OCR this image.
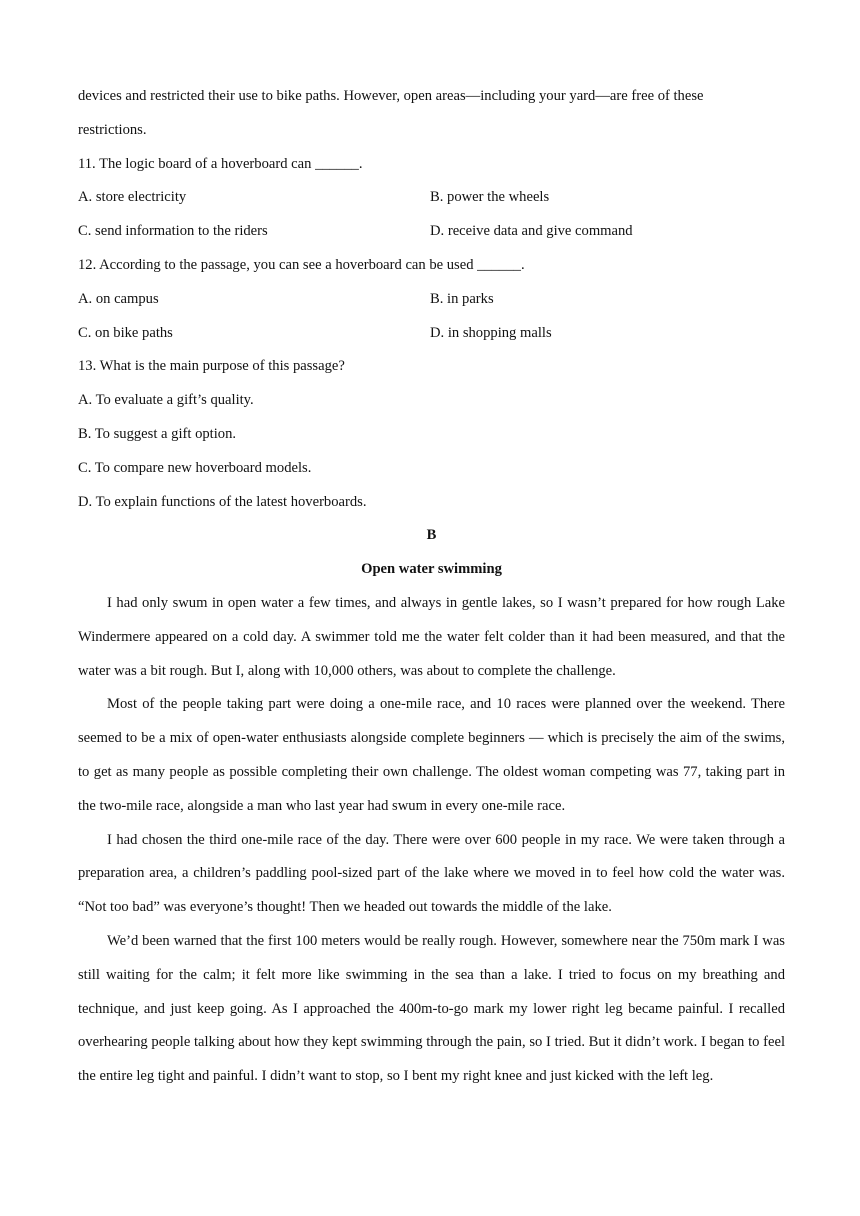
devices and restricted their use to bike paths. However, open areas—including your yard—are free of these
restrictions.
11. The logic board of a hoverboard can ______.
A. store electricity	B. power the wheels
C. send information to the riders	D. receive data and give command
12. According to the passage, you can see a hoverboard can be used ______.
A. on campus	B. in parks
C. on bike paths	D. in shopping malls
13. What is the main purpose of this passage?
A. To evaluate a gift’s quality.
B. To suggest a gift option.
C. To compare new hoverboard models.
D. To explain functions of the latest hoverboards.
B
Open water swimming

I had only swum in open water a few times, and always in gentle lakes, so I wasn’t prepared for how rough Lake Windermere appeared on a cold day. A swimmer told me the water felt colder than it had been measured, and that the water was a bit rough. But I, along with 10,000 others, was about to complete the challenge.

Most of the people taking part were doing a one-mile race, and 10 races were planned over the weekend. There seemed to be a mix of open-water enthusiasts alongside complete beginners — which is precisely the aim of the swims, to get as many people as possible completing their own challenge. The oldest woman competing was 77, taking part in the two-mile race, alongside a man who last year had swum in every one-mile race.

I had chosen the third one-mile race of the day. There were over 600 people in my race. We were taken through a preparation area, a children’s paddling pool-sized part of the lake where we moved in to feel how cold the water was. “Not too bad” was everyone’s thought! Then we headed out towards the middle of the lake.

We’d been warned that the first 100 meters would be really rough. However, somewhere near the 750m mark I was still waiting for the calm; it felt more like swimming in the sea than a lake. I tried to focus on my breathing and technique, and just keep going. As I approached the 400m-to-go mark my lower right leg became painful. I recalled overhearing people talking about how they kept swimming through the pain, so I tried. But it didn’t work. I began to feel the entire leg tight and painful. I didn’t want to stop, so I bent my right knee and just kicked with the left leg.
